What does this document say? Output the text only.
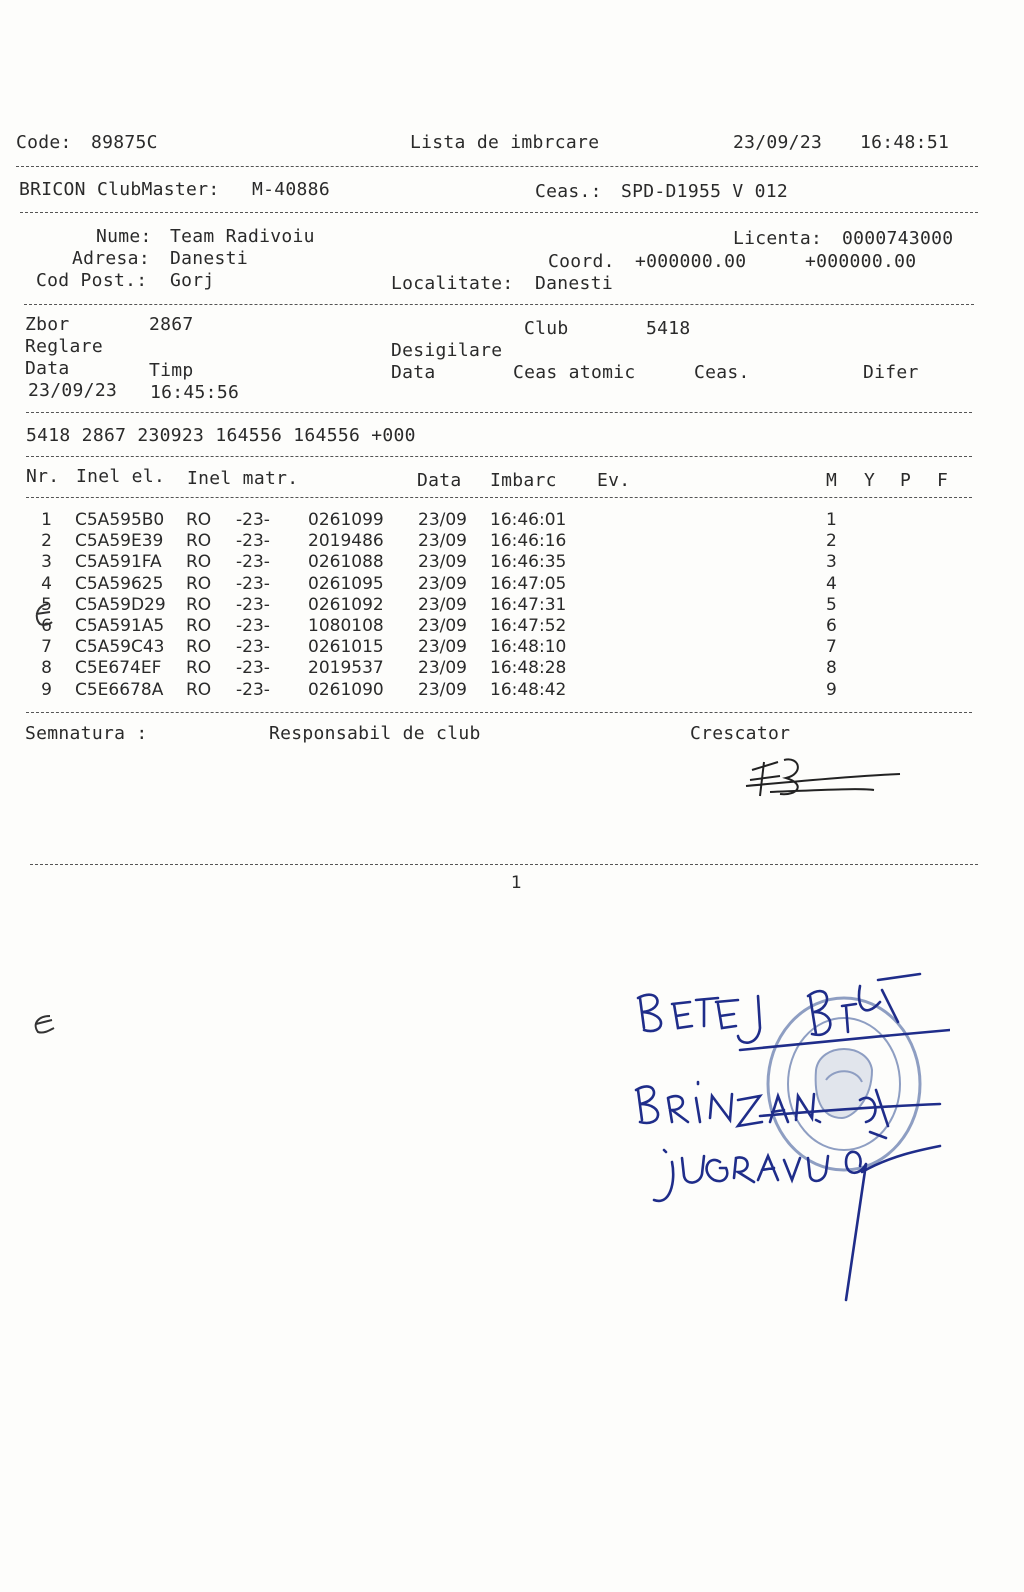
Code: 89875C	Lista de imbrcare	23/09/23 16:48:51
BRICON ClubMaster: M-40886	Ceas.: SPD-D1955 V 012
Nume: Team Radivoiu	Licenta: 0000743000
Adresa: Danesti	Coord. +000000.00	+000000.00
Cod Post.: Gorj	Localitate: Danesti
Zbor	2867	Club	5418
Reglare	Desigilare
Data	Timp	Data	Ceas atomic	Ceas.	Difer
23/09/23 16:45:56
5418 2867 230923 164556 164556 +000
Nr. Inel el. Inel matr.	Data Imbarc Ev.	M Y P F
1 C5A595B0 RO -23- 0261099 23/09 16:46:01	1
2 C5A59E39 RO -23- 2019486 23/09 16:46:16	2
3 C5A591FA RO -23- 0261088 23/09 16:46:35	3
4 C5A59625 RO -23- 0261095 23/09 16:47:05	4
5 C5A59D29 RO -23- 0261092 23/09 16:47:31	5
6 C5A591A5 RO -23- 1080108 23/09 16:47:52	6
7 C5A59C43 RO -23- 0261015 23/09 16:48:10	7
8 C5E674EF RO -23- 2019537 23/09 16:48:28	8
9 C5E6678A RO -23- 0261090 23/09 16:48:42	9
Semnatura :	Responsabil de club	Crescator
1
